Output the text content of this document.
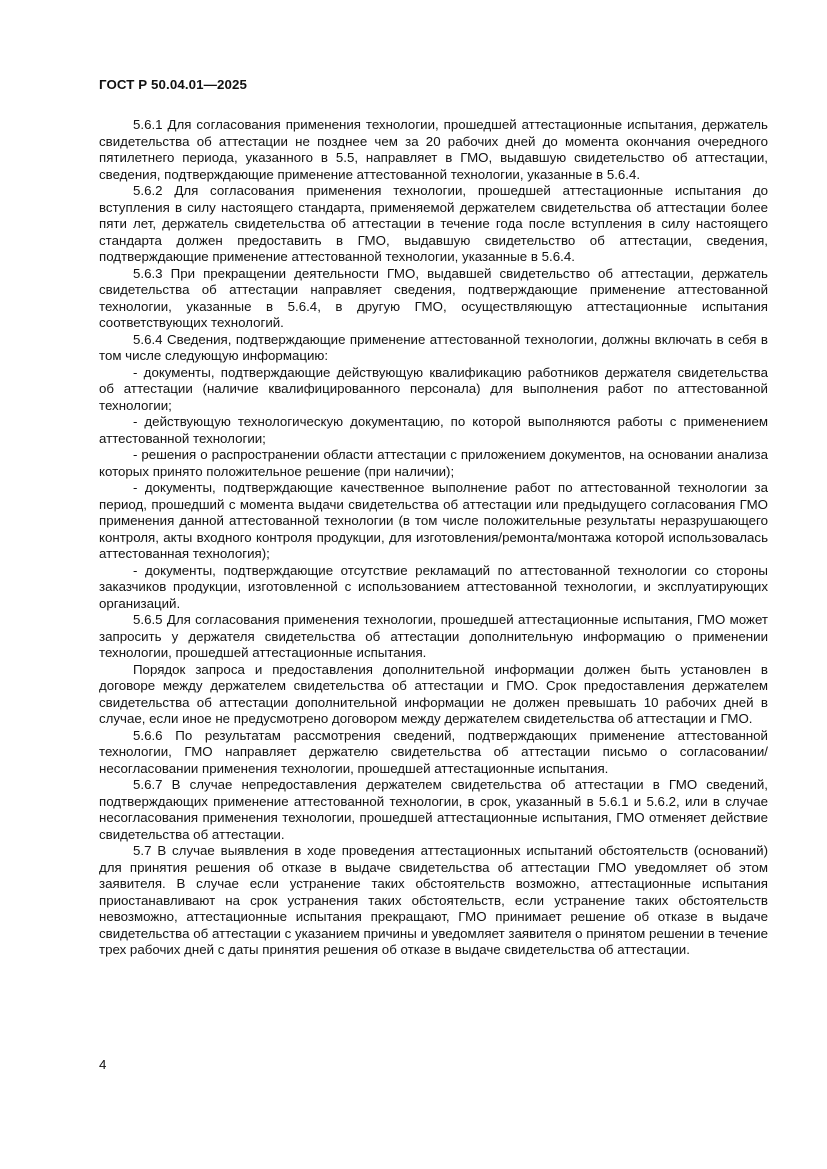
ГОСТ Р 50.04.01—2025

5.6.1 Для согласования применения технологии, прошедшей аттестационные испытания, держатель свидетельства об аттестации не позднее чем за 20 рабочих дней до момента окончания очередного пятилетнего периода, указанного в 5.5, направляет в ГМО, выдавшую свидетельство об аттестации, сведения, подтверждающие применение аттестованной технологии, указанные в 5.6.4.

5.6.2 Для согласования применения технологии, прошедшей аттестационные испытания до вступления в силу настоящего стандарта, применяемой держателем свидетельства об аттестации более пяти лет, держатель свидетельства об аттестации в течение года после вступления в силу настоящего стандарта должен предоставить в ГМО, выдавшую свидетельство об аттестации, сведения, подтверждающие применение аттестованной технологии, указанные в 5.6.4.

5.6.3 При прекращении деятельности ГМО, выдавшей свидетельство об аттестации, держатель свидетельства об аттестации направляет сведения, подтверждающие применение аттестованной технологии, указанные в 5.6.4, в другую ГМО, осуществляющую аттестационные испытания соответствующих технологий.

5.6.4 Сведения, подтверждающие применение аттестованной технологии, должны включать в себя в том числе следующую информацию:

- документы, подтверждающие действующую квалификацию работников держателя свидетельства об аттестации (наличие квалифицированного персонала) для выполнения работ по аттестованной технологии;

- действующую технологическую документацию, по которой выполняются работы с применением аттестованной технологии;

- решения о распространении области аттестации с приложением документов, на основании анализа которых принято положительное решение (при наличии);

- документы, подтверждающие качественное выполнение работ по аттестованной технологии за период, прошедший с момента выдачи свидетельства об аттестации или предыдущего согласования ГМО применения данной аттестованной технологии (в том числе положительные результаты неразрушающего контроля, акты входного контроля продукции, для изготовления/ремонта/монтажа которой использовалась аттестованная технология);

- документы, подтверждающие отсутствие рекламаций по аттестованной технологии со стороны заказчиков продукции, изготовленной с использованием аттестованной технологии, и эксплуатирующих организаций.

5.6.5 Для согласования применения технологии, прошедшей аттестационные испытания, ГМО может запросить у держателя свидетельства об аттестации дополнительную информацию о применении технологии, прошедшей аттестационные испытания.

Порядок запроса и предоставления дополнительной информации должен быть установлен в договоре между держателем свидетельства об аттестации и ГМО. Срок предоставления держателем свидетельства об аттестации дополнительной информации не должен превышать 10 рабочих дней в случае, если иное не предусмотрено договором между держателем свидетельства об аттестации и ГМО.

5.6.6 По результатам рассмотрения сведений, подтверждающих применение аттестованной технологии, ГМО направляет держателю свидетельства об аттестации письмо о согласовании/несогласовании применения технологии, прошедшей аттестационные испытания.

5.6.7 В случае непредоставления держателем свидетельства об аттестации в ГМО сведений, подтверждающих применение аттестованной технологии, в срок, указанный в 5.6.1 и 5.6.2, или в случае несогласования применения технологии, прошедшей аттестационные испытания, ГМО отменяет действие свидетельства об аттестации.

5.7 В случае выявления в ходе проведения аттестационных испытаний обстоятельств (оснований) для принятия решения об отказе в выдаче свидетельства об аттестации ГМО уведомляет об этом заявителя. В случае если устранение таких обстоятельств возможно, аттестационные испытания приостанавливают на срок устранения таких обстоятельств, если устранение таких обстоятельств невозможно, аттестационные испытания прекращают, ГМО принимает решение об отказе в выдаче свидетельства об аттестации с указанием причины и уведомляет заявителя о принятом решении в течение трех рабочих дней с даты принятия решения об отказе в выдаче свидетельства об аттестации.

4
